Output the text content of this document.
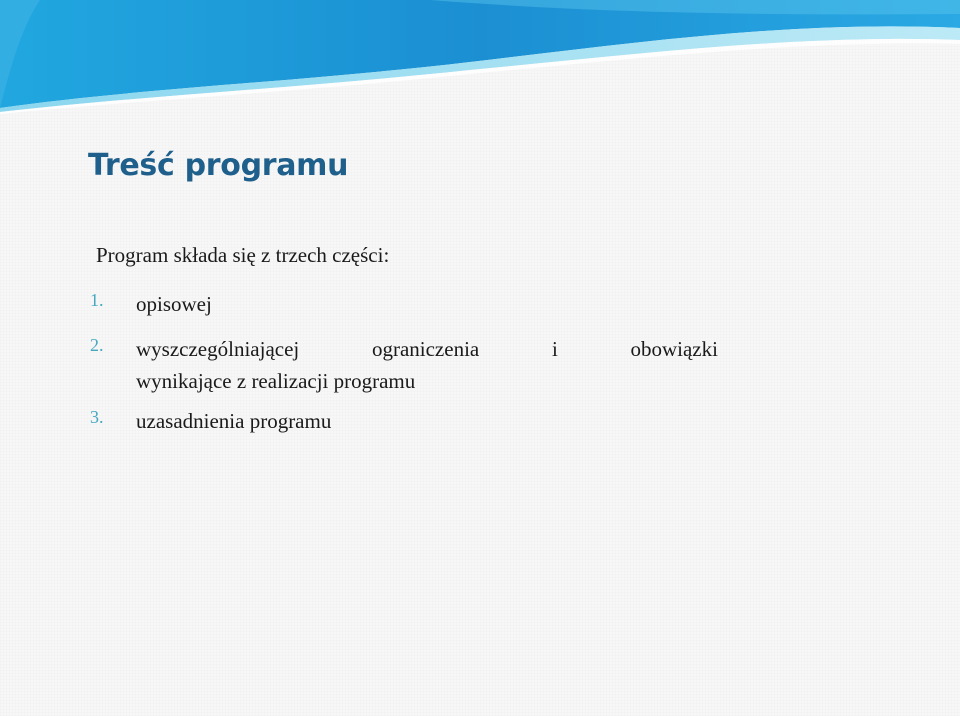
Treść programu
Program składa się z trzech części:
1. opisowej
2. wyszczególniającej	ograniczenia	i	obowiązki
wynikające z realizacji programu
3. uzasadnienia programu
